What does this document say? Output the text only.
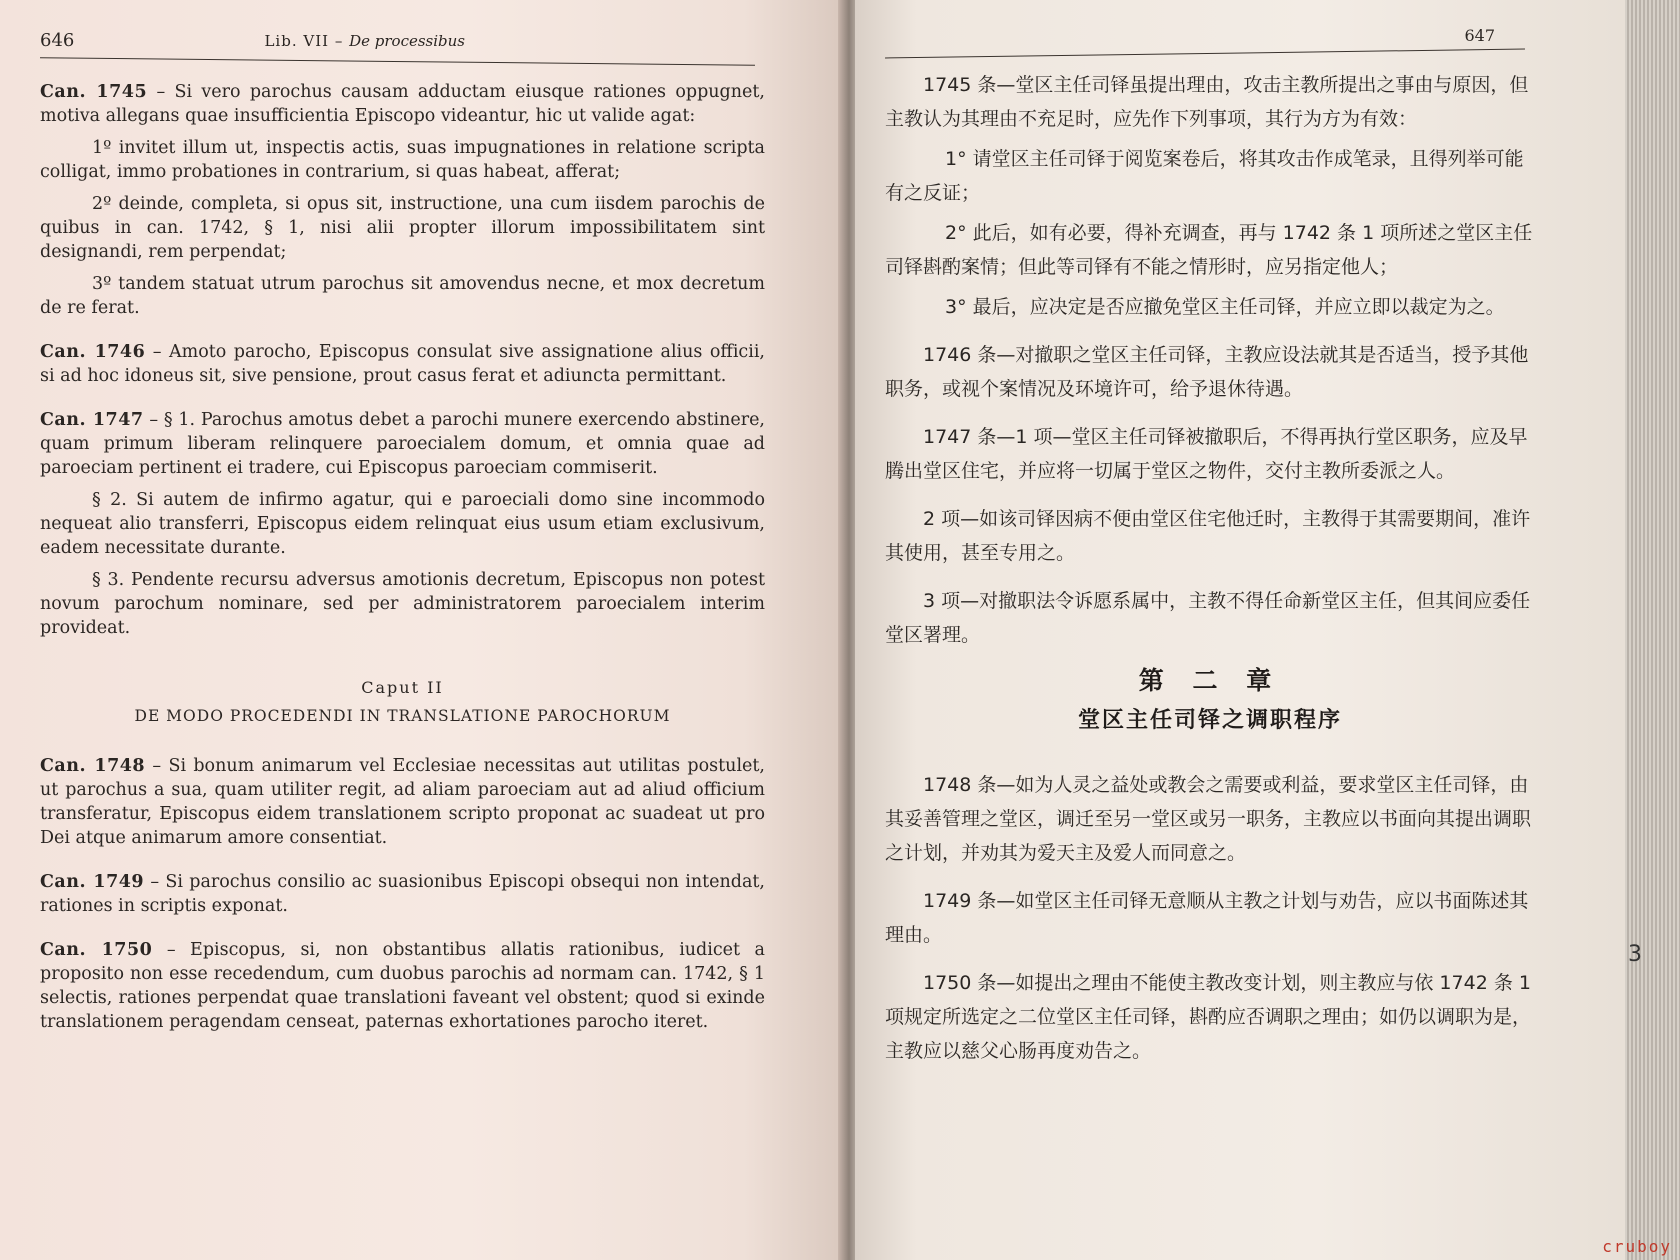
646	Lib. VII – De processibus

Can. 1745 – Si vero parochus causam adductam eiusque rationes oppugnet, motiva allegans quae insufficientia Episcopo videantur, hic ut valide agat:

1º invitet illum ut, inspectis actis, suas impugnationes in relatione scripta colligat, immo probationes in contrarium, si quas habeat, afferat;

2º deinde, completa, si opus sit, instructione, una cum iisdem parochis de quibus in can. 1742, § 1, nisi alii propter illorum impossibilitatem sint designandi, rem perpendat;

3º tandem statuat utrum parochus sit amovendus necne, et mox decretum de re ferat.

Can. 1746 – Amoto parocho, Episcopus consulat sive assignatione alius officii, si ad hoc idoneus sit, sive pensione, prout casus ferat et adiuncta permittant.

Can. 1747 – § 1. Parochus amotus debet a parochi munere exercendo abstinere, quam primum liberam relinquere paroecialem domum, et omnia quae ad paroeciam pertinent ei tradere, cui Episcopus paroeciam commiserit.

§ 2. Si autem de infirmo agatur, qui e paroeciali domo sine incommodo nequeat alio transferri, Episcopus eidem relinquat eius usum etiam exclusivum, eadem necessitate durante.

§ 3. Pendente recursu adversus amotionis decretum, Episcopus non potest novum parochum nominare, sed per administratorem paroecialem interim provideat.

Caput II
DE MODO PROCEDENDI IN TRANSLATIONE PAROCHORUM

Can. 1748 – Si bonum animarum vel Ecclesiae necessitas aut utilitas postulet, ut parochus a sua, quam utiliter regit, ad aliam paroeciam aut ad aliud officium transferatur, Episcopus eidem translationem scripto proponat ac suadeat ut pro Dei atque animarum amore consentiat.

Can. 1749 – Si parochus consilio ac suasionibus Episcopi obsequi non intendat, rationes in scriptis exponat.

Can. 1750 – Episcopus, si, non obstantibus allatis rationibus, iudicet a proposito non esse recedendum, cum duobus parochis ad normam can. 1742, § 1 selectis, rationes perpendat quae translationi faveant vel obstent; quod si exinde translationem peragendam censeat, paternas exhortationes parocho iteret.

647

1745 条—堂区主任司铎虽提出理由，攻击主教所提出之事由与原因，但主教认为其理由不充足时，应先作下列事项，其行为方为有效：

1° 请堂区主任司铎于阅览案卷后，将其攻击作成笔录，且得列举可能有之反证；

2° 此后，如有必要，得补充调查，再与 1742 条 1 项所述之堂区主任司铎斟酌案情；但此等司铎有不能之情形时，应另指定他人；

3° 最后，应决定是否应撤免堂区主任司铎，并应立即以裁定为之。

1746 条—对撤职之堂区主任司铎，主教应设法就其是否适当，授予其他职务，或视个案情况及环境许可，给予退休待遇。

1747 条—1 项—堂区主任司铎被撤职后，不得再执行堂区职务，应及早腾出堂区住宅，并应将一切属于堂区之物件，交付主教所委派之人。

2 项—如该司铎因病不便由堂区住宅他迁时，主教得于其需要期间，准许其使用，甚至专用之。

3 项—对撤职法令诉愿系属中，主教不得任命新堂区主任，但其间应委任堂区署理。

第 二 章
堂区主任司铎之调职程序

1748 条—如为人灵之益处或教会之需要或利益，要求堂区主任司铎，由其妥善管理之堂区，调迁至另一堂区或另一职务，主教应以书面向其提出调职之计划，并劝其为爱天主及爱人而同意之。

1749 条—如堂区主任司铎无意顺从主教之计划与劝告，应以书面陈述其理由。

1750 条—如提出之理由不能使主教改变计划，则主教应与依 1742 条 1 项规定所选定之二位堂区主任司铎，斟酌应否调职之理由；如仍以调职为是，主教应以慈父心肠再度劝告之。

3
cruboy
